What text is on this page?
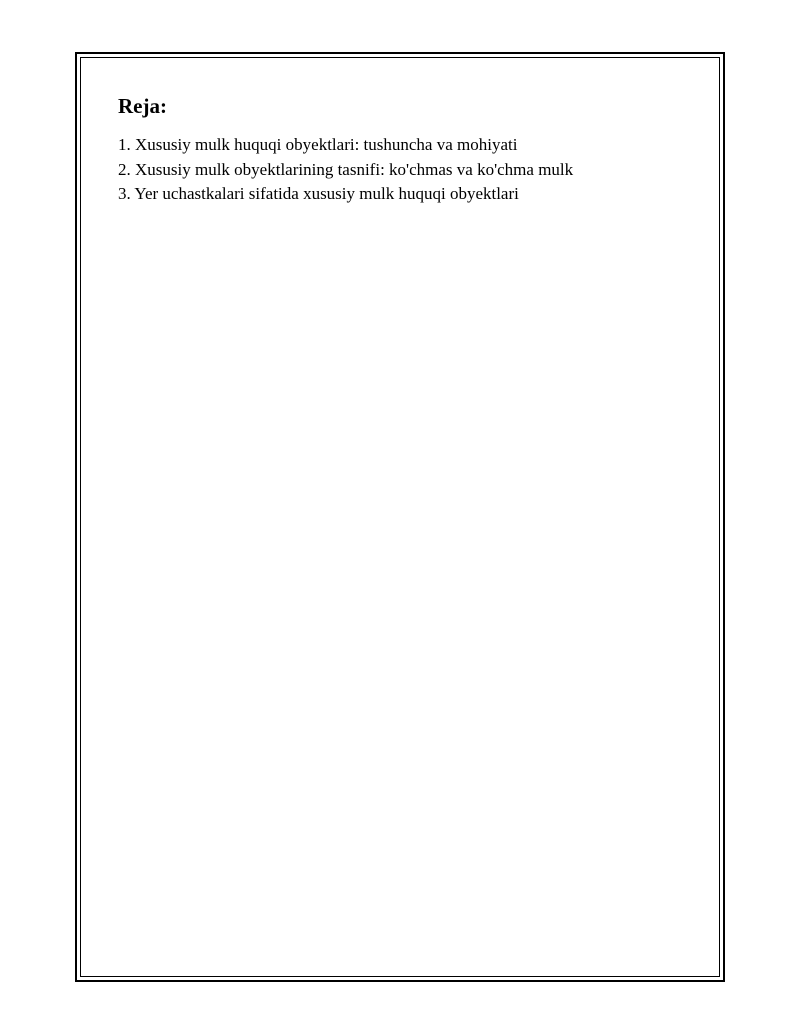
Reja:
1. Xususiy mulk huquqi obyektlari: tushuncha va mohiyati
2. Xususiy mulk obyektlarining tasnifi: ko'chmas va ko'chma mulk
3. Yer uchastkalari sifatida xususiy mulk huquqi obyektlari
